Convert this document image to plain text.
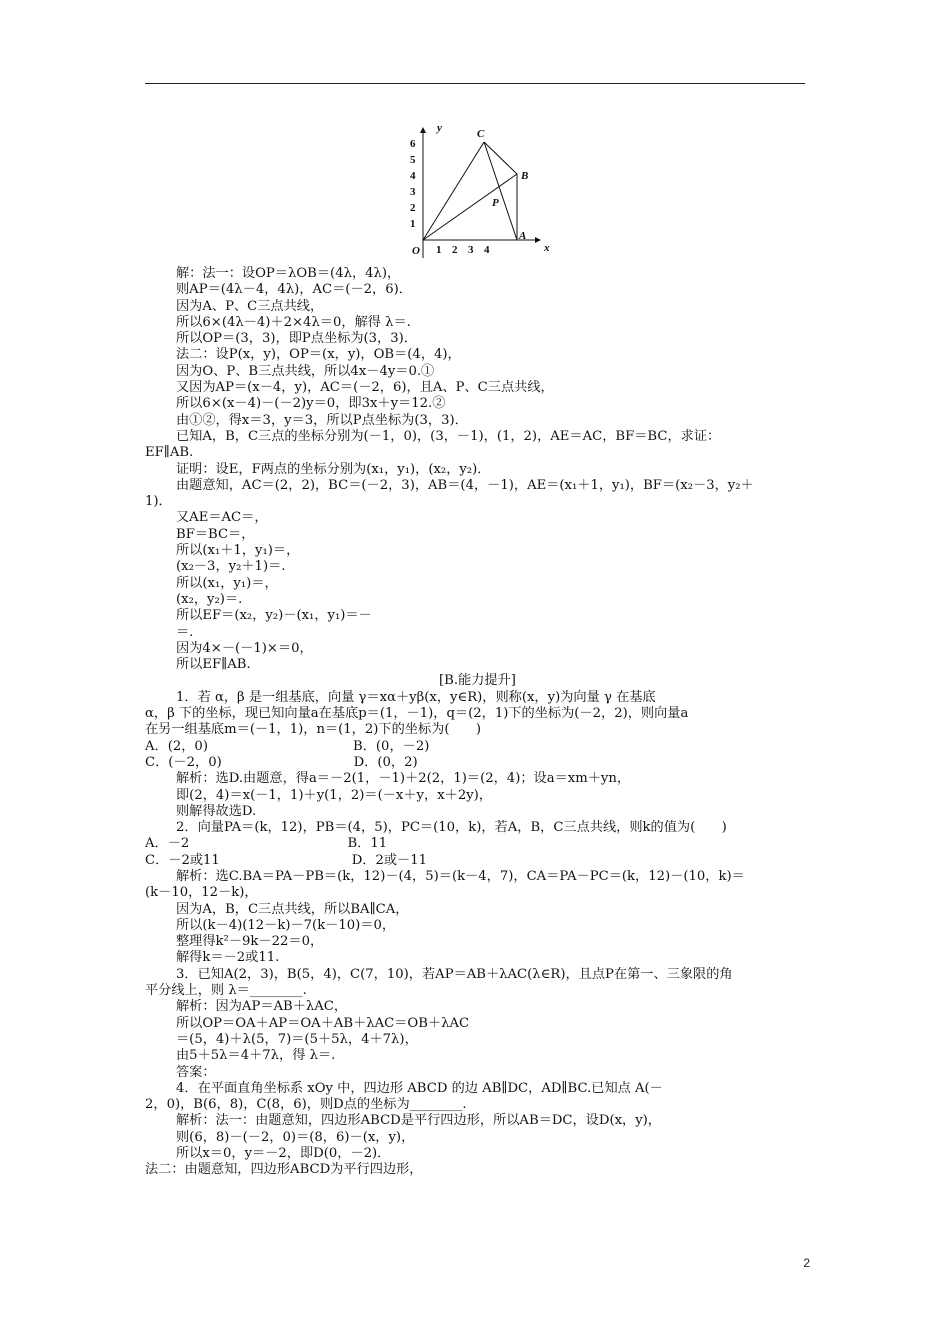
y
x
O
6
5
4
3
2
1
1 2 3 4
C
B
P
A
解：法一：设OP＝λOB＝(4λ，4λ)，
则AP＝(4λ－4，4λ)，AC＝(－2，6)．
因为A、P、C三点共线，
所以6×(4λ－4)＋2×4λ＝0，解得 λ＝.
所以OP＝(3，3)，即P点坐标为(3，3)．
法二：设P(x，y)，OP＝(x，y)，OB＝(4，4)，
因为O、P、B三点共线，所以4x－4y＝0.①
又因为AP＝(x－4，y)，AC＝(－2，6)，且A、P、C三点共线，
所以6×(x－4)－(－2)y＝0，即3x＋y＝12.②
由①②，得x＝3，y＝3，所以P点坐标为(3，3)．
已知A，B，C三点的坐标分别为(－1，0)，(3，－1)，(1，2)，AE＝AC，BF＝BC，求证：
EF∥AB.
证明：设E，F两点的坐标分别为(x₁，y₁)，(x₂，y₂)．
由题意知，AC＝(2，2)，BC＝(－2，3)，AB＝(4，－1)，AE＝(x₁＋1，y₁)，BF＝(x₂－3，y₂＋
1)．
又AE＝AC＝，
BF＝BC＝，
所以(x₁＋1，y₁)＝，
(x₂－3，y₂＋1)＝.
所以(x₁，y₁)＝，
(x₂，y₂)＝.
所以EF＝(x₂，y₂)－(x₁，y₁)＝－
＝.
因为4×－(－1)×＝0，
所以EF∥AB.
[B.能力提升]
1．若 α，β 是一组基底，向量 γ＝xα＋yβ(x，y∈R)，则称(x，y)为向量 γ 在基底
α，β 下的坐标，现已知向量a在基底p＝(1，－1)，q＝(2，1)下的坐标为(－2，2)，则向量a
在另一组基底m＝(－1，1)，n＝(1，2)下的坐标为(　　)
A．(2，0)　　　　　　　　　　　B．(0，－2)
C．(－2，0)　　　　　　　　　　D．(0，2)
解析：选D.由题意，得a＝－2(1，－1)＋2(2，1)＝(2，4)；设a＝xm＋yn，
即(2，4)＝x(－1，1)＋y(1，2)＝(－x＋y，x＋2y)，
则解得故选D.
2．向量PA＝(k，12)，PB＝(4，5)，PC＝(10，k)，若A，B，C三点共线，则k的值为(　　)
A．－2　　　　　　　　　　　　B．11
C．－2或11　　　　　　　　　　D．2或－11
解析：选C.BA＝PA－PB＝(k，12)－(4，5)＝(k－4，7)，CA＝PA－PC＝(k，12)－(10，k)＝
(k－10，12－k)，
因为A，B，C三点共线，所以BA∥CA，
所以(k－4)(12－k)－7(k－10)＝0，
整理得k²－9k－22＝0，
解得k＝－2或11.
3．已知A(2，3)，B(5，4)，C(7，10)，若AP＝AB＋λAC(λ∈R)，且点P在第一、三象限的角
平分线上，则 λ＝________.
解析：因为AP＝AB＋λAC，
所以OP＝OA＋AP＝OA＋AB＋λAC＝OB＋λAC
＝(5，4)＋λ(5，7)＝(5＋5λ，4＋7λ)，
由5＋5λ＝4＋7λ，得 λ＝.
答案：
4．在平面直角坐标系 xOy 中，四边形 ABCD 的边 AB∥DC，AD∥BC.已知点 A(－
2，0)，B(6，8)，C(8，6)，则D点的坐标为________.
解析：法一：由题意知，四边形ABCD是平行四边形，所以AB＝DC，设D(x，y)，
则(6，8)－(－2，0)＝(8，6)－(x，y)，
所以x＝0，y＝－2，即D(0，－2)．
法二：由题意知，四边形ABCD为平行四边形，
2
